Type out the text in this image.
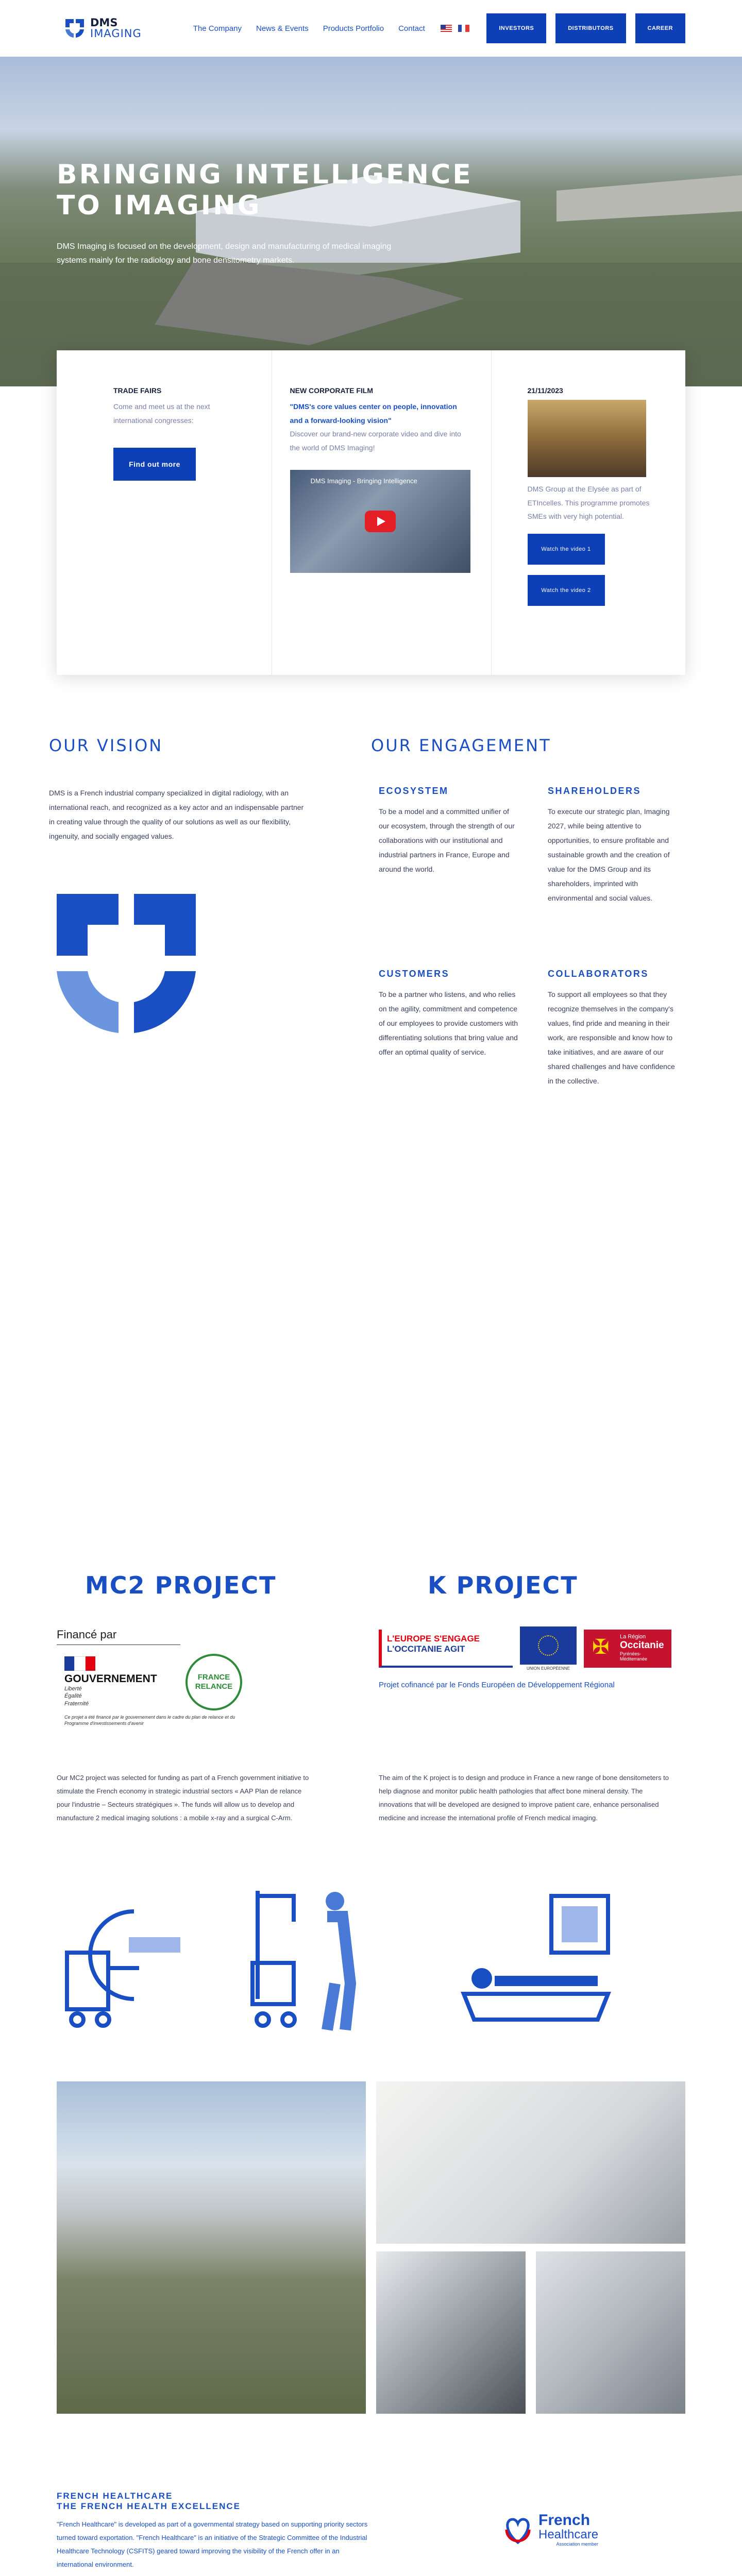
DMS
IMAGING	The Company News & Events Products Portfolio Contact	INVESTORS	DISTRIBUTORS	CAREER
BRINGING INTELLIGENCE
TO IMAGING

DMS Imaging is focused on the development, design and manufacturing of medical imaging systems mainly for the radiology and bone densitometry markets.

TRADE FAIRS

Come and meet us at the next international congresses:

Find out more
NEW CORPORATE FILM

"DMS's core values center on people, innovation and a forward-looking vision"

Discover our brand-new corporate video and dive into the world of DMS Imaging!

DMS Imaging - Bringing Intelligence
21/11/2023

DMS Group at the Elysée as part of ETIncelles. This programme promotes SMEs with very high potential.

Watch the video 1
Watch the video 2
OUR VISION

DMS is a French industrial company specialized in digital radiology, with an international reach, and recognized as a key actor and an indispensable partner in creating value through the quality of our solutions as well as our flexibility, ingenuity, and socially engaged values.

OUR ENGAGEMENT
ECOSYSTEM

To be a model and a committed unifier of our ecosystem, through the strength of our collaborations with our institutional and industrial partners in France, Europe and around the world.

SHAREHOLDERS

To execute our strategic plan, Imaging 2027, while being attentive to opportunities, to ensure profitable and sustainable growth and the creation of value for the DMS Group and its shareholders, imprinted with environmental and social values.

CUSTOMERS

To be a partner who listens, and who relies on the agility, commitment and competence of our employees to provide customers with differentiating solutions that bring value and offer an optimal quality of service.

COLLABORATORS

To support all employees so that they recognize themselves in the company's values, find pride and meaning in their work, are responsible and know how to take initiatives, and are aware of our shared challenges and have confidence in the collective.

MC2 PROJECT	K PROJECT
Financé par
GOUVERNEMENT
Liberté Égalité Fraternité
FRANCE RELANCE
Ce projet a été financé par le gouvernement dans le cadre du plan de relance et du Programme d'investissements d'avenir
L'EUROPE S'ENGAGE
L'OCCITANIE AGIT
UNION EUROPÉENNE
✠ La Région
Occitanie
Pyrénées-Méditerranée

Projet cofinancé par le Fonds Européen de Développement Régional

Our MC2 project was selected for funding as part of a French government initiative to stimulate the French economy in strategic industrial sectors « AAP Plan de relance pour l'industrie – Secteurs stratégiques ». The funds will allow us to develop and manufacture 2 medical imaging solutions : a mobile x-ray and a surgical C-Arm.

The aim of the K project is to design and produce in France a new range of bone densitometers to help diagnose and monitor public health pathologies that affect bone mineral density. The innovations that will be developed are designed to improve patient care, enhance personalised medicine and increase the international profile of French medical imaging.

FRENCH HEALTHCARE
THE FRENCH HEALTH EXCELLENCE

"French Healthcare" is developed as part of a governmental strategy based on supporting priority sectors turned toward exportation. "French Healthcare" is an initiative of the Strategic Committee of the Industrial Healthcare Technology (CSFITS) geared toward improving the visibility of the French offer in an international environment.

French
Healthcare
Association member
